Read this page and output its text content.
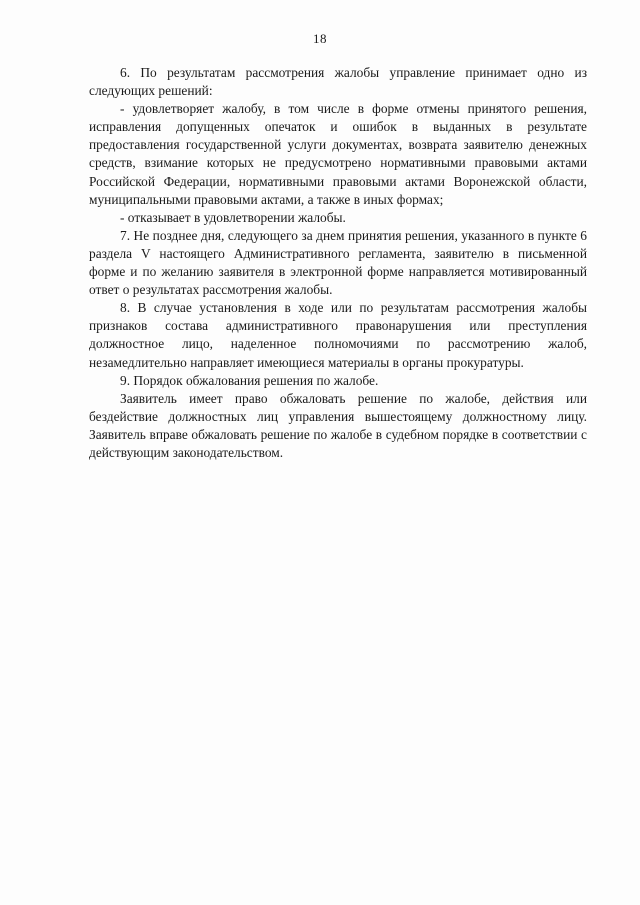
18

6. По результатам рассмотрения жалобы управление принимает одно из следующих решений:

- удовлетворяет жалобу, в том числе в форме отмены принятого решения, исправления допущенных опечаток и ошибок в выданных в результате предоставления государственной услуги документах, возврата заявителю денежных средств, взимание которых не предусмотрено нормативными правовыми актами Российской Федерации, нормативными правовыми актами Воронежской области, муниципальными правовыми актами, а также в иных формах;

- отказывает в удовлетворении жалобы.

7. Не позднее дня, следующего за днем принятия решения, указанного в пункте 6 раздела V настоящего Административного регламента, заявителю в письменной форме и по желанию заявителя в электронной форме направляется мотивированный ответ о результатах рассмотрения жалобы.

8. В случае установления в ходе или по результатам рассмотрения жалобы признаков состава административного правонарушения или преступления должностное лицо, наделенное полномочиями по рассмотрению жалоб, незамедлительно направляет имеющиеся материалы в органы прокуратуры.

9. Порядок обжалования решения по жалобе.

Заявитель имеет право обжаловать решение по жалобе, действия или бездействие должностных лиц управления вышестоящему должностному лицу. Заявитель вправе обжаловать решение по жалобе в судебном порядке в соответствии с действующим законодательством.
